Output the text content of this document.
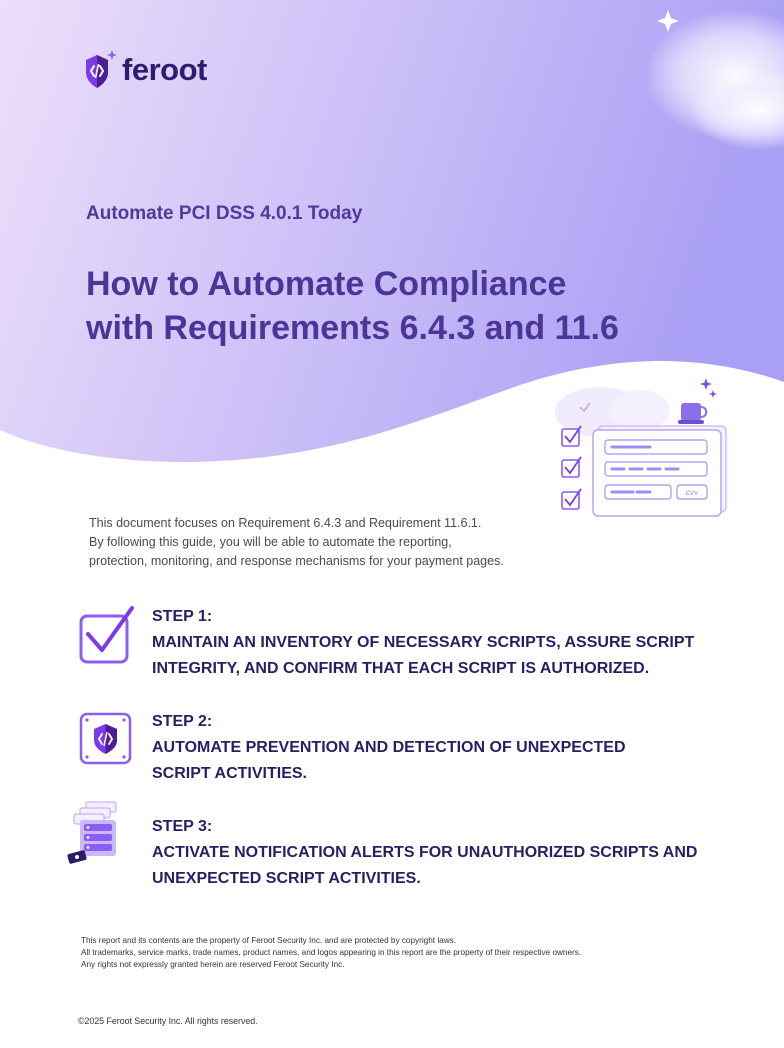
feroot
Automate PCI DSS 4.0.1 Today
How to Automate Compliance
with Requirements 6.4.3 and 11.6
CVV
This document focuses on Requirement 6.4.3 and Requirement 11.6.1.
By following this guide, you will be able to automate the reporting,
protection, monitoring, and response mechanisms for your payment pages.
STEP 1:
MAINTAIN AN INVENTORY OF NECESSARY SCRIPTS, ASSURE SCRIPT
INTEGRITY, AND CONFIRM THAT EACH SCRIPT IS AUTHORIZED.
STEP 2:
AUTOMATE PREVENTION AND DETECTION OF UNEXPECTED
SCRIPT ACTIVITIES.
STEP 3:
ACTIVATE NOTIFICATION ALERTS FOR UNAUTHORIZED SCRIPTS AND
UNEXPECTED SCRIPT ACTIVITIES.
This report and its contents are the property of Feroot Security Inc. and are protected by copyright laws.
All trademarks, service marks, trade names, product names, and logos appearing in this report are the property of their respective owners.
Any rights not expressly granted herein are reserved Feroot Security Inc.
©2025 Feroot Security Inc. All rights reserved.
